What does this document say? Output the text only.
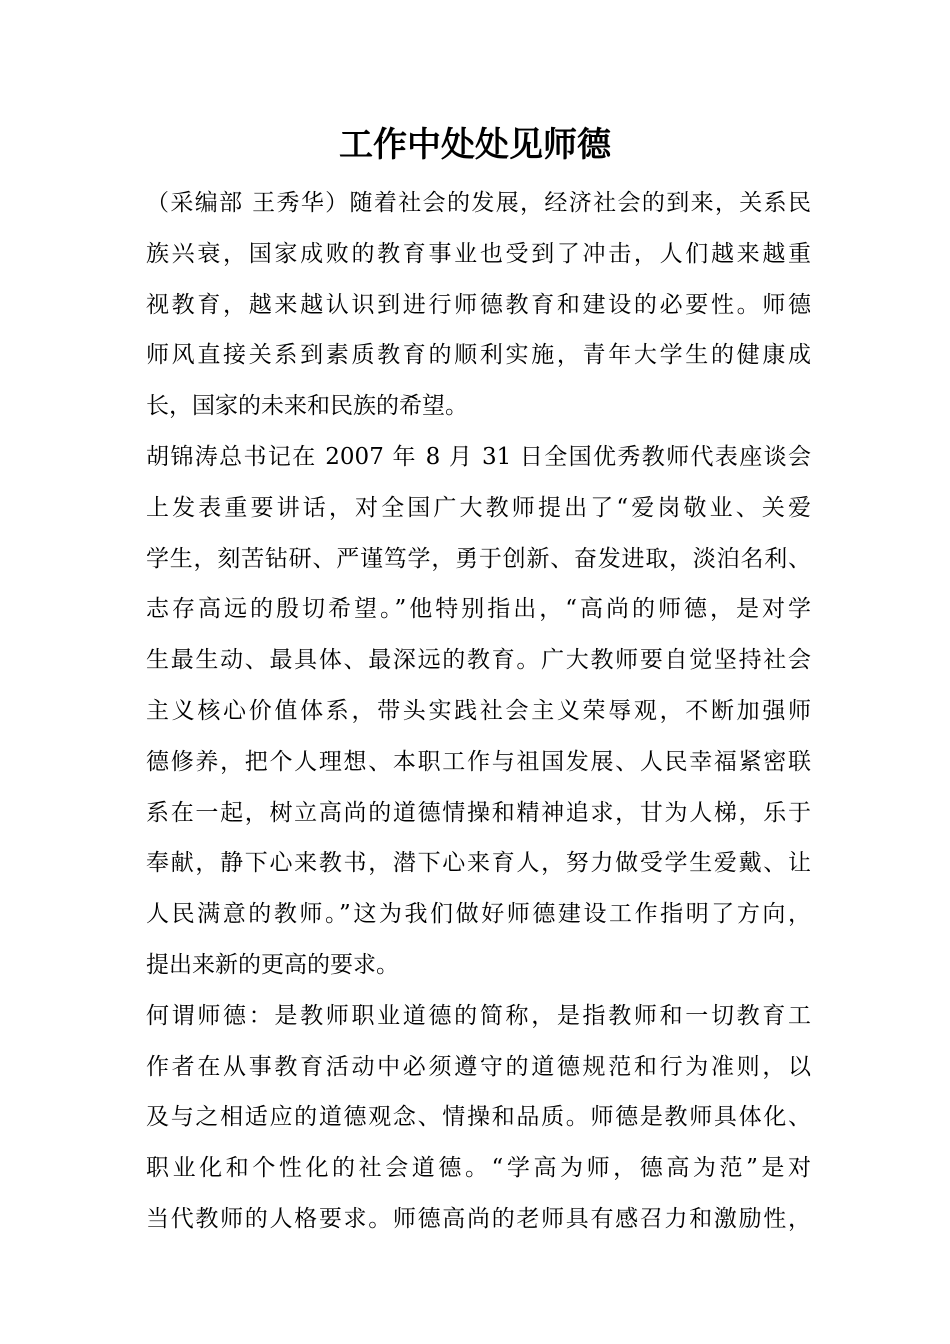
工作中处处见师德
（采编部 王秀华）随着社会的发展，经济社会的到来，关系民
族兴衰，国家成败的教育事业也受到了冲击，人们越来越重
视教育，越来越认识到进行师德教育和建设的必要性。师德
师风直接关系到素质教育的顺利实施，青年大学生的健康成
长，国家的未来和民族的希望。
胡锦涛总书记在 2007 年 8 月 31 日全国优秀教师代表座谈会
上发表重要讲话，对全国广大教师提出了“爱岗敬业、关爱
学生，刻苦钻研、严谨笃学，勇于创新、奋发进取，淡泊名利、
志存高远的殷切希望。”他特别指出，“高尚的师德，是对学
生最生动、最具体、最深远的教育。广大教师要自觉坚持社会
主义核心价值体系，带头实践社会主义荣辱观，不断加强师
德修养，把个人理想、本职工作与祖国发展、人民幸福紧密联
系在一起，树立高尚的道德情操和精神追求，甘为人梯，乐于
奉献，静下心来教书，潜下心来育人，努力做受学生爱戴、让
人民满意的教师。”这为我们做好师德建设工作指明了方向，
提出来新的更高的要求。
何谓师德：是教师职业道德的简称，是指教师和一切教育工
作者在从事教育活动中必须遵守的道德规范和行为准则，以
及与之相适应的道德观念、情操和品质。师德是教师具体化、
职业化和个性化的社会道德。“学高为师，德高为范”是对
当代教师的人格要求。师德高尚的老师具有感召力和激励性，
